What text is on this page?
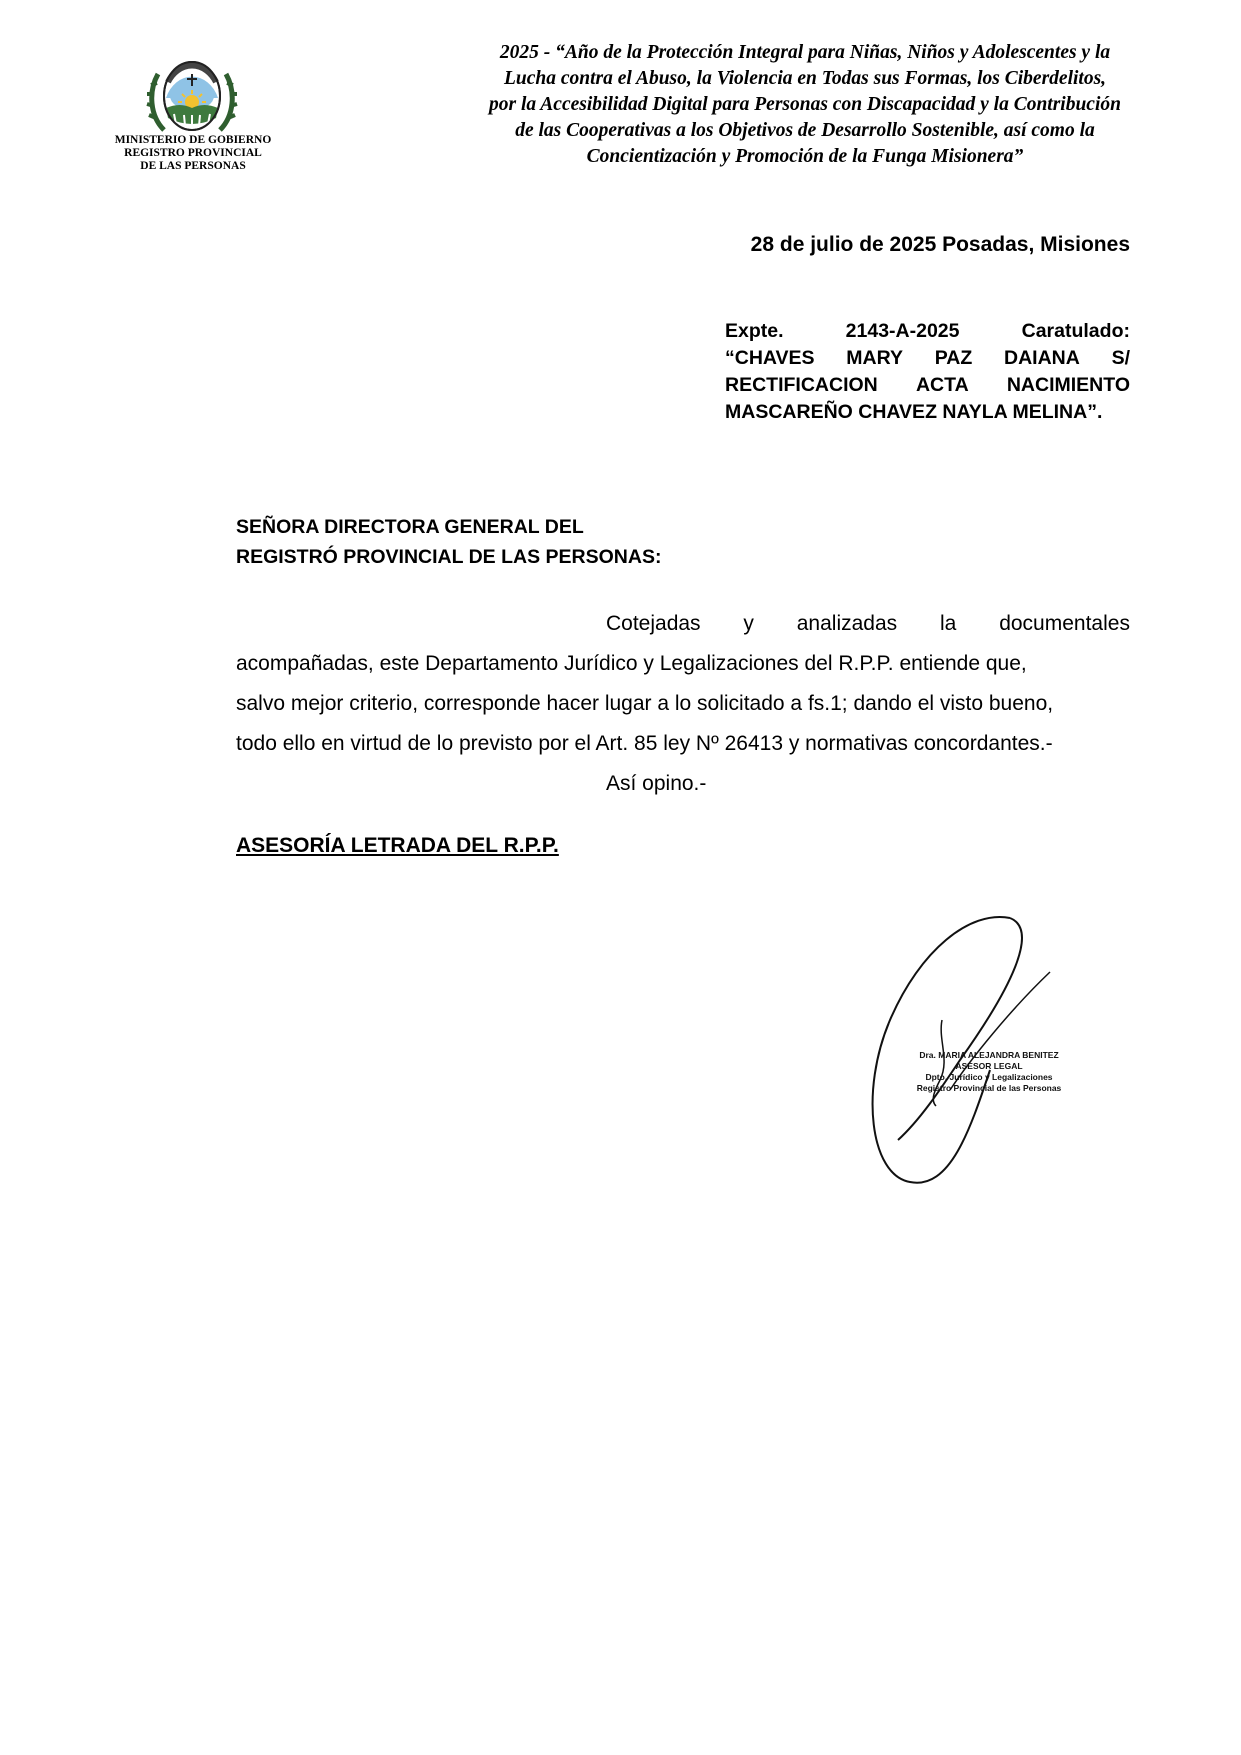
MINISTERIO DE GOBIERNO
REGISTRO PROVINCIAL
DE LAS PERSONAS
2025 - “Año de la Protección Integral para Niñas, Niños y Adolescentes y la
Lucha contra el Abuso, la Violencia en Todas sus Formas, los Ciberdelitos,
por la Accesibilidad Digital para Personas con Discapacidad y la Contribución
de las Cooperativas a los Objetivos de Desarrollo Sostenible, así como la
Concientización y Promoción de la Funga Misionera”
28 de julio de 2025 Posadas, Misiones
Expte.	2143-A-2025	Caratulado:
“CHAVES MARY PAZ DAIANA S/
RECTIFICACION ACTA NACIMIENTO
MASCAREÑO CHAVEZ NAYLA MELINA”.
SEÑORA DIRECTORA GENERAL DEL
REGISTRÓ PROVINCIAL DE LAS PERSONAS:
Cotejadas y analizadas la documentales
acompañadas, este Departamento Jurídico y Legalizaciones del R.P.P. entiende que,
salvo mejor criterio, corresponde hacer lugar a lo solicitado a fs.1; dando el visto bueno,
todo ello en virtud de lo previsto por el Art. 85 ley Nº 26413 y normativas concordantes.-
Así opino.-
ASESORÍA LETRADA DEL R.P.P.
Dra. MARIA ALEJANDRA BENITEZ
ASESOR LEGAL
Dpto. Jurídico y Legalizaciones
Registro Provincial de las Personas
